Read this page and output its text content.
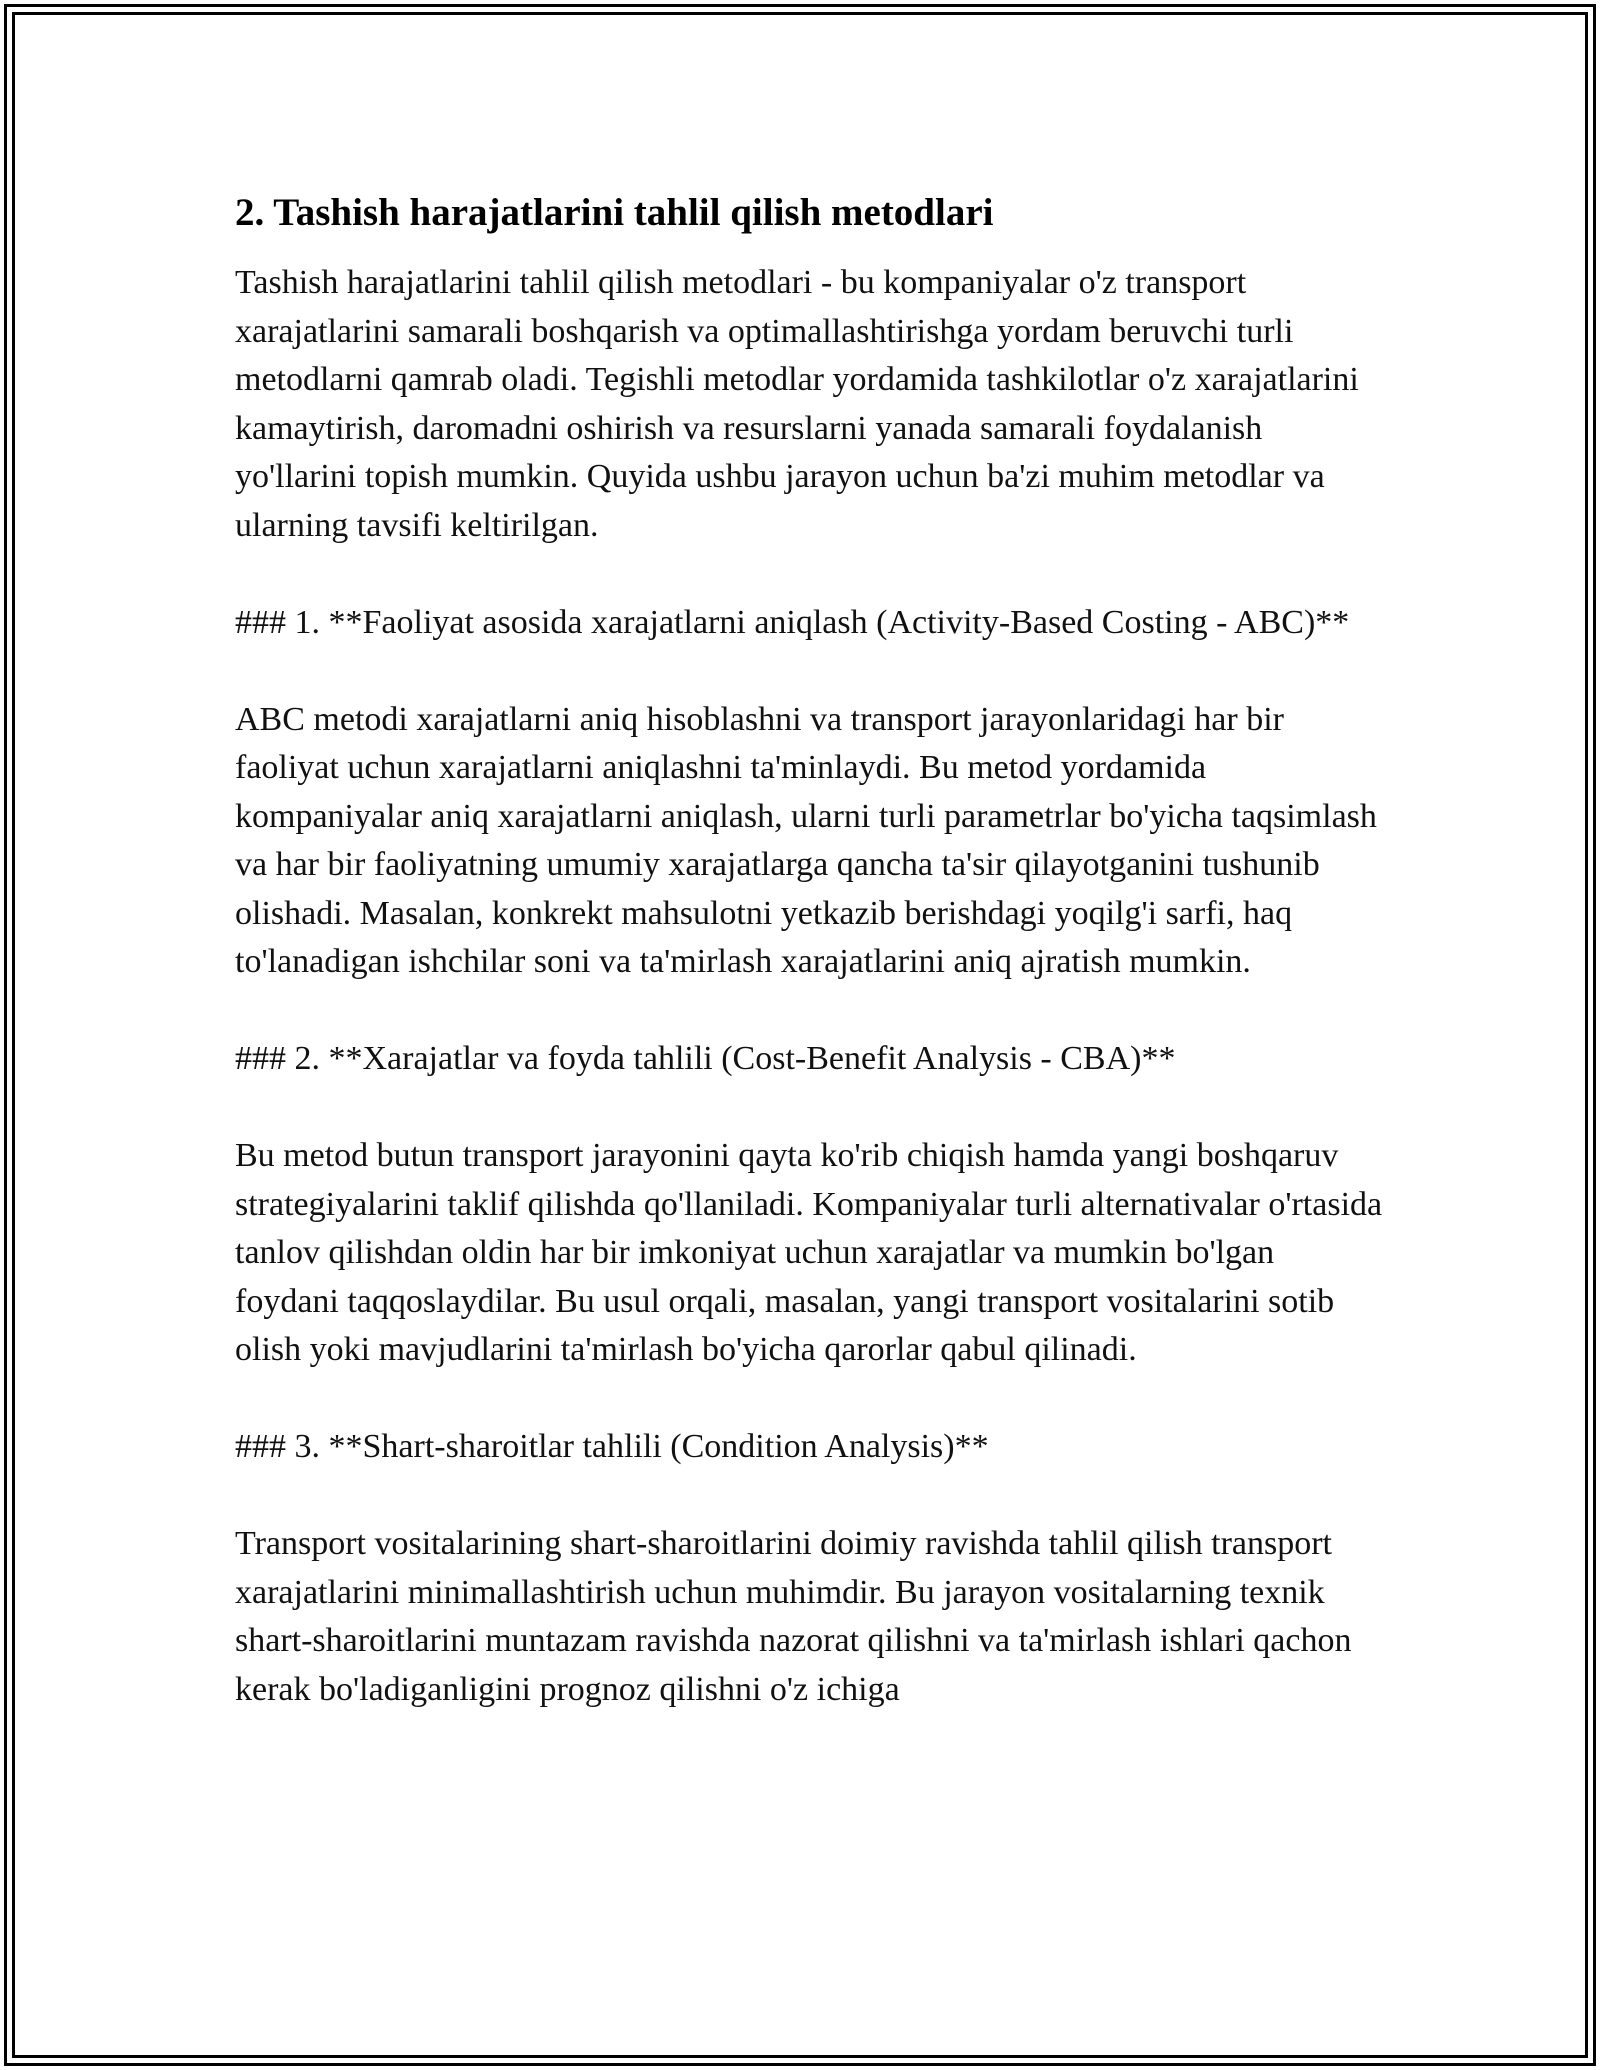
2. Tashish harajatlarini tahlil qilish metodlari

Tashish harajatlarini tahlil qilish metodlari - bu kompaniyalar o'z transport xarajatlarini samarali boshqarish va optimallashtirishga yordam beruvchi turli metodlarni qamrab oladi. Tegishli metodlar yordamida tashkilotlar o'z xarajatlarini kamaytirish, daromadni oshirish va resurslarni yanada samarali foydalanish yo'llarini topish mumkin. Quyida ushbu jarayon uchun ba'zi muhim metodlar va ularning tavsifi keltirilgan.

### 1. **Faoliyat asosida xarajatlarni aniqlash (Activity-Based Costing - ABC)**

ABC metodi xarajatlarni aniq hisoblashni va transport jarayonlaridagi har bir faoliyat uchun xarajatlarni aniqlashni ta'minlaydi. Bu metod yordamida kompaniyalar aniq xarajatlarni aniqlash, ularni turli parametrlar bo'yicha taqsimlash va har bir faoliyatning umumiy xarajatlarga qancha ta'sir qilayotganini tushunib olishadi. Masalan, konkrekt mahsulotni yetkazib berishdagi yoqilg'i sarfi, haq to'lanadigan ishchilar soni va ta'mirlash xarajatlarini aniq ajratish mumkin.

### 2. **Xarajatlar va foyda tahlili (Cost-Benefit Analysis - CBA)**

Bu metod butun transport jarayonini qayta ko'rib chiqish hamda yangi boshqaruv strategiyalarini taklif qilishda qo'llaniladi. Kompaniyalar turli alternativalar o'rtasida tanlov qilishdan oldin har bir imkoniyat uchun xarajatlar va mumkin bo'lgan foydani taqqoslaydilar. Bu usul orqali, masalan, yangi transport vositalarini sotib olish yoki mavjudlarini ta'mirlash bo'yicha qarorlar qabul qilinadi.

### 3. **Shart-sharoitlar tahlili (Condition Analysis)**

Transport vositalarining shart-sharoitlarini doimiy ravishda tahlil qilish transport xarajatlarini minimallashtirish uchun muhimdir. Bu jarayon vositalarning texnik shart-sharoitlarini muntazam ravishda nazorat qilishni va ta'mirlash ishlari qachon kerak bo'ladiganligini prognoz qilishni o'z ichiga
